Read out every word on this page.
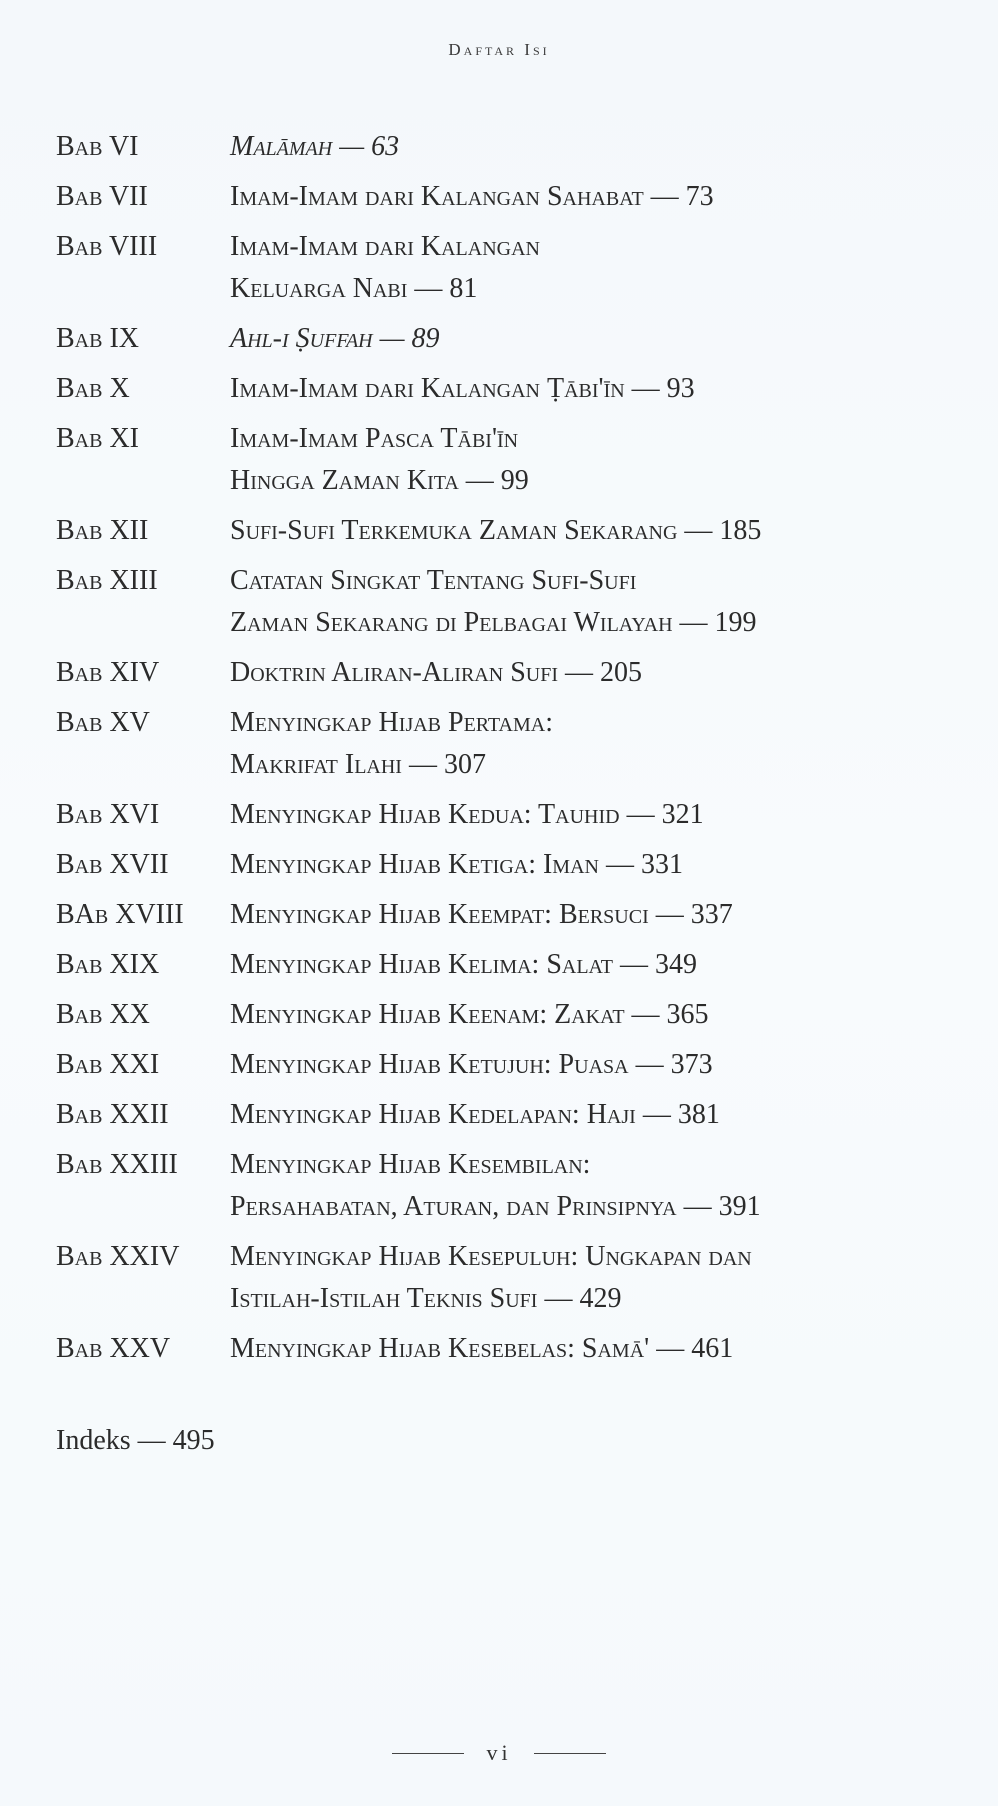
Daftar Isi
Bab VI	Malāmah — 63
Bab VII	Imam-Imam dari Kalangan Sahabat — 73
Bab VIII	Imam-Imam dari Kalangan
Keluarga Nabi — 81
Bab IX	Ahl-i Ṣuffah — 89
Bab X	Imam-Imam dari Kalangan Ṭābi'īn — 93
Bab XI	Imam-Imam Pasca Tābi'īn
Hingga Zaman Kita — 99
Bab XII	Sufi-Sufi Terkemuka Zaman Sekarang — 185
Bab XIII	Catatan Singkat Tentang Sufi-Sufi
Zaman Sekarang di Pelbagai Wilayah — 199
Bab XIV	Doktrin Aliran-Aliran Sufi — 205
Bab XV	Menyingkap Hijab Pertama:
Makrifat Ilahi — 307
Bab XVI	Menyingkap Hijab Kedua: Tauhid — 321
Bab XVII	Menyingkap Hijab Ketiga: Iman — 331
BAb XVIII	Menyingkap Hijab Keempat: Bersuci — 337
Bab XIX	Menyingkap Hijab Kelima: Salat — 349
Bab XX	Menyingkap Hijab Keenam: Zakat — 365
Bab XXI	Menyingkap Hijab Ketujuh: Puasa — 373
Bab XXII	Menyingkap Hijab Kedelapan: Haji — 381
Bab XXIII	Menyingkap Hijab Kesembilan:
Persahabatan, Aturan, dan Prinsipnya — 391
Bab XXIV	Menyingkap Hijab Kesepuluh: Ungkapan dan
Istilah-Istilah Teknis Sufi — 429
Bab XXV	Menyingkap Hijab Kesebelas: Samā' — 461
Indeks — 495
vi
